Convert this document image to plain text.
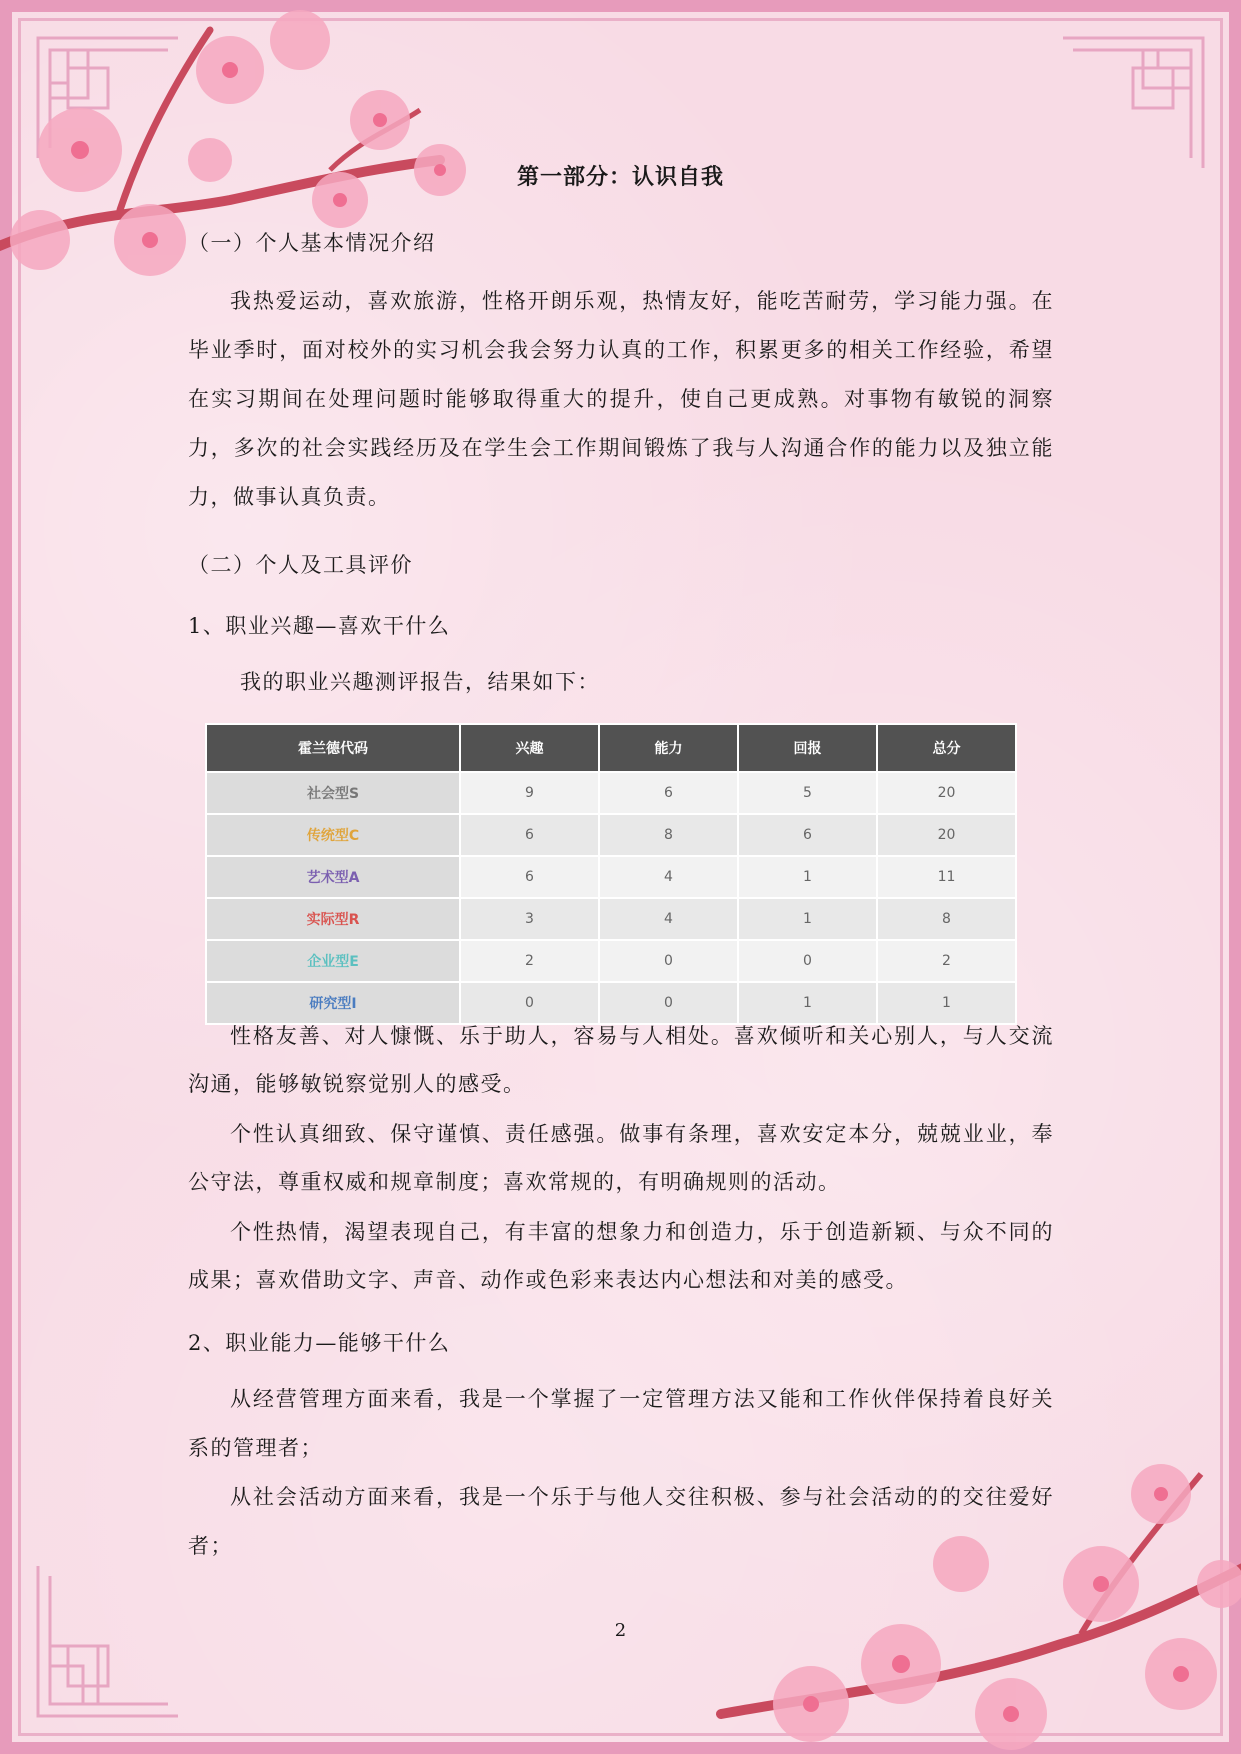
第一部分：认识自我
（一）个人基本情况介绍
我热爱运动，喜欢旅游，性格开朗乐观，热情友好，能吃苦耐劳，学习能力强。在毕业季时，面对校外的实习机会我会努力认真的工作，积累更多的相关工作经验，希望在实习期间在处理问题时能够取得重大的提升，使自己更成熟。对事物有敏锐的洞察力，多次的社会实践经历及在学生会工作期间锻炼了我与人沟通合作的能力以及独立能力，做事认真负责。
（二）个人及工具评价
1、职业兴趣—喜欢干什么
我的职业兴趣测评报告，结果如下：
霍兰德代码	兴趣	能力	回报	总分
社会型S	9	6	5	20
传统型C	6	8	6	20
艺术型A	6	4	1	11
实际型R	3	4	1	8
企业型E	2	0	0	2
研究型I	0	0	1	1
性格友善、对人慷慨、乐于助人，容易与人相处。喜欢倾听和关心别人，与人交流沟通，能够敏锐察觉别人的感受。
个性认真细致、保守谨慎、责任感强。做事有条理，喜欢安定本分，兢兢业业，奉公守法，尊重权威和规章制度；喜欢常规的，有明确规则的活动。
个性热情，渴望表现自己，有丰富的想象力和创造力，乐于创造新颖、与众不同的成果；喜欢借助文字、声音、动作或色彩来表达内心想法和对美的感受。
2、职业能力—能够干什么
从经营管理方面来看，我是一个掌握了一定管理方法又能和工作伙伴保持着良好关系的管理者；
从社会活动方面来看，我是一个乐于与他人交往积极、参与社会活动的的交往爱好者；
2
